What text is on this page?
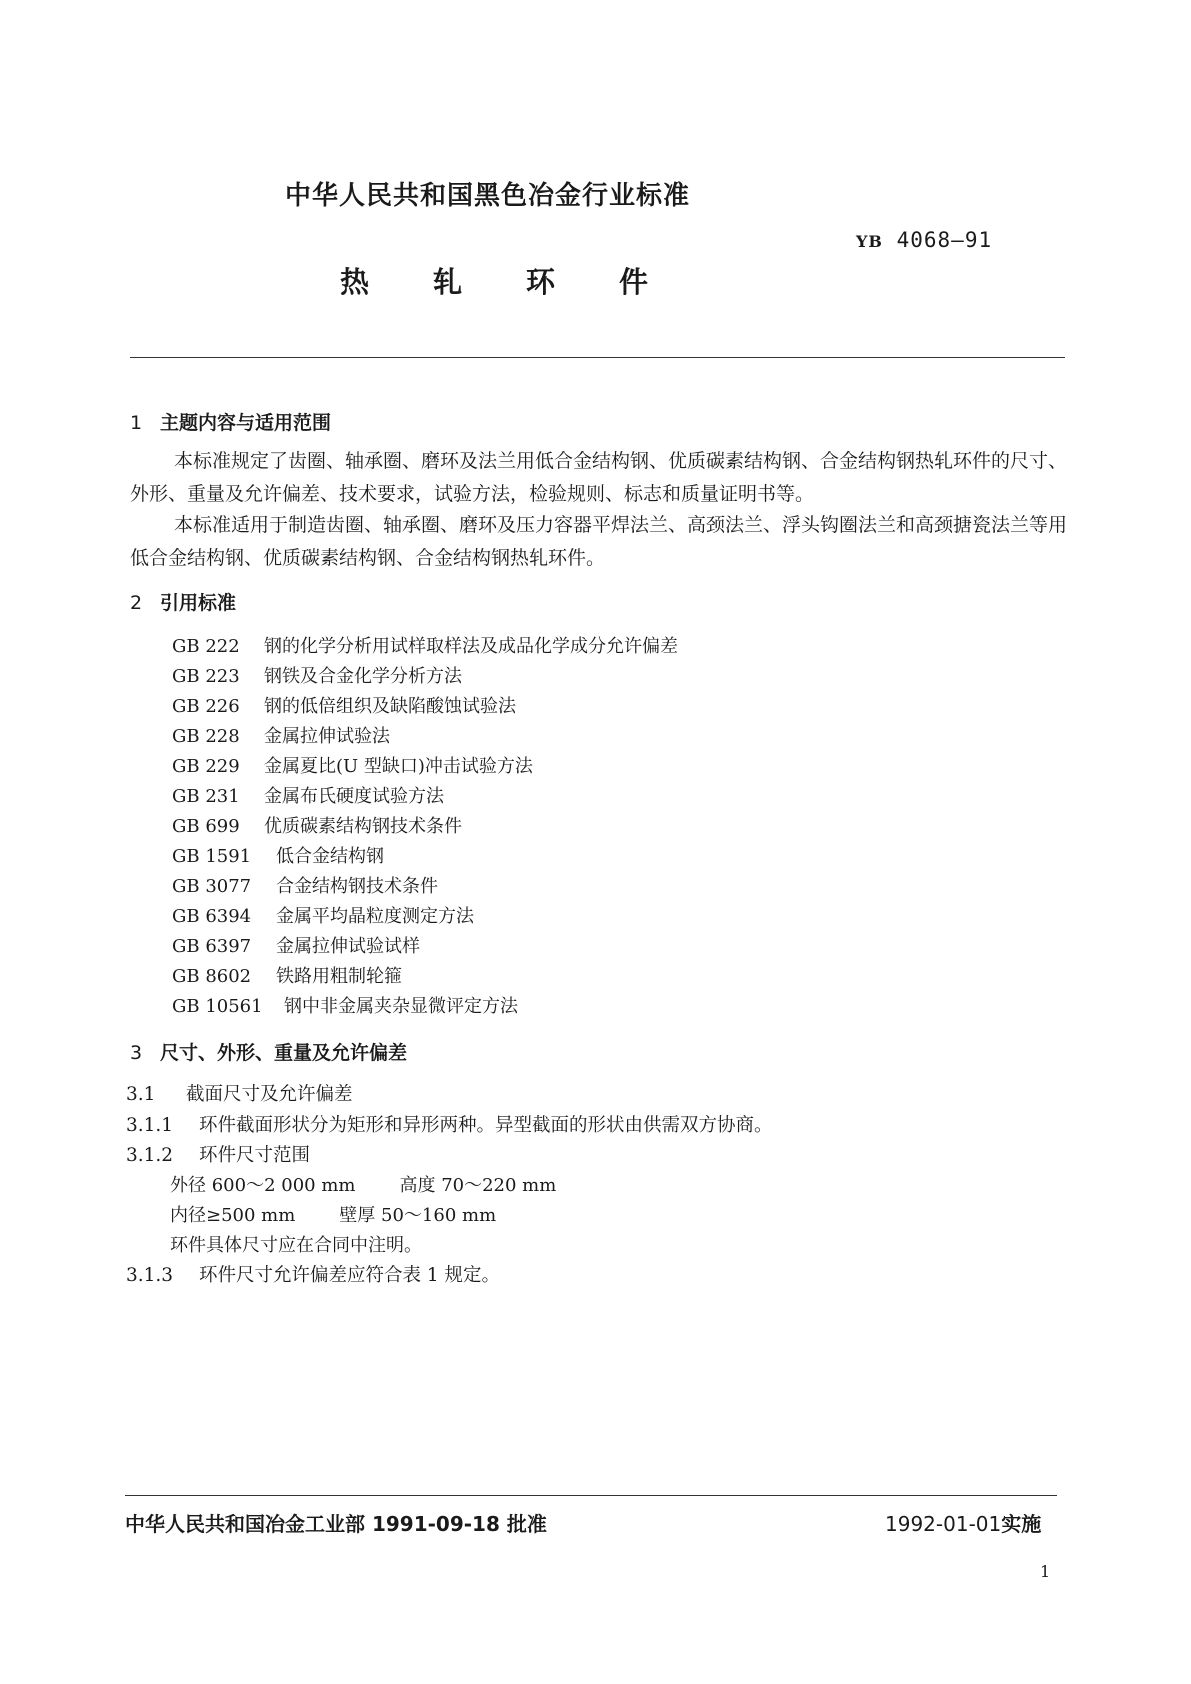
中华人民共和国黑色冶金行业标准
YB 4068—91
热 轧 环 件
1 主题内容与适用范围
本标准规定了齿圈、轴承圈、磨环及法兰用低合金结构钢、优质碳素结构钢、合金结构钢热轧环件的尺寸、外形、重量及允许偏差、技术要求，试验方法，检验规则、标志和质量证明书等。
本标准适用于制造齿圈、轴承圈、磨环及压力容器平焊法兰、高颈法兰、浮头钩圈法兰和高颈搪瓷法兰等用低合金结构钢、优质碳素结构钢、合金结构钢热轧环件。
2 引用标准
GB 222 钢的化学分析用试样取样法及成品化学成分允许偏差
GB 223 钢铁及合金化学分析方法
GB 226 钢的低倍组织及缺陷酸蚀试验法
GB 228 金属拉伸试验法
GB 229 金属夏比(U 型缺口)冲击试验方法
GB 231 金属布氏硬度试验方法
GB 699 优质碳素结构钢技术条件
GB 1591 低合金结构钢
GB 3077 合金结构钢技术条件
GB 6394 金属平均晶粒度测定方法
GB 6397 金属拉伸试验试样
GB 8602 铁路用粗制轮箍
GB 10561 钢中非金属夹杂显微评定方法
3 尺寸、外形、重量及允许偏差
3.1 截面尺寸及允许偏差
3.1.1 环件截面形状分为矩形和异形两种。异型截面的形状由供需双方协商。
3.1.2 环件尺寸范围
外径 600～2 000 mm 高度 70～220 mm
内径≥500 mm 壁厚 50～160 mm
环件具体尺寸应在合同中注明。
3.1.3 环件尺寸允许偏差应符合表 1 规定。
中华人民共和国冶金工业部 1991-09-18 批准	1992-01-01实施
1
